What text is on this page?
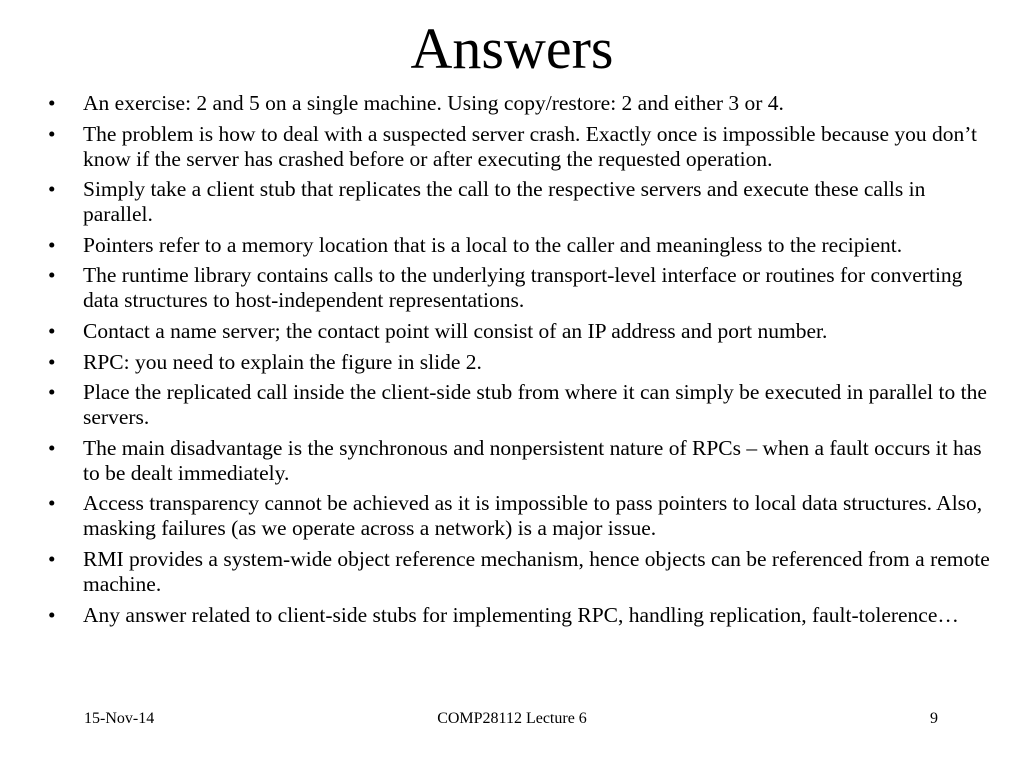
Answers
•	An exercise: 2 and 5 on a single machine. Using copy/restore: 2 and either 3 or 4.
•	The problem is how to deal with a suspected server crash. Exactly once is impossible because you don’t know if the server has crashed before or after executing the requested operation.
•	Simply take a client stub that replicates the call to the respective servers and execute these calls in parallel.
•	Pointers refer to a memory location that is a local to the caller and meaningless to the recipient.
•	The runtime library contains calls to the underlying transport-level interface or routines for converting data structures to host-independent representations.
•	Contact a name server; the contact point will consist of an IP address and port number.
•	RPC: you need to explain the figure in slide 2.
•	Place the replicated call inside the client-side stub from where it can simply be executed in parallel to the servers.
•	The main disadvantage is the synchronous and nonpersistent nature of RPCs – when a fault occurs it has to be dealt immediately.
•	Access transparency cannot be achieved as it is impossible to pass pointers to local data structures. Also, masking failures (as we operate across a network) is a major issue.
•	RMI provides a system-wide object reference mechanism, hence objects can be referenced from a remote machine.
•	Any answer related to client-side stubs for implementing RPC, handling replication, fault-tolerence…
15-Nov-14	COMP28112 Lecture 6	9
